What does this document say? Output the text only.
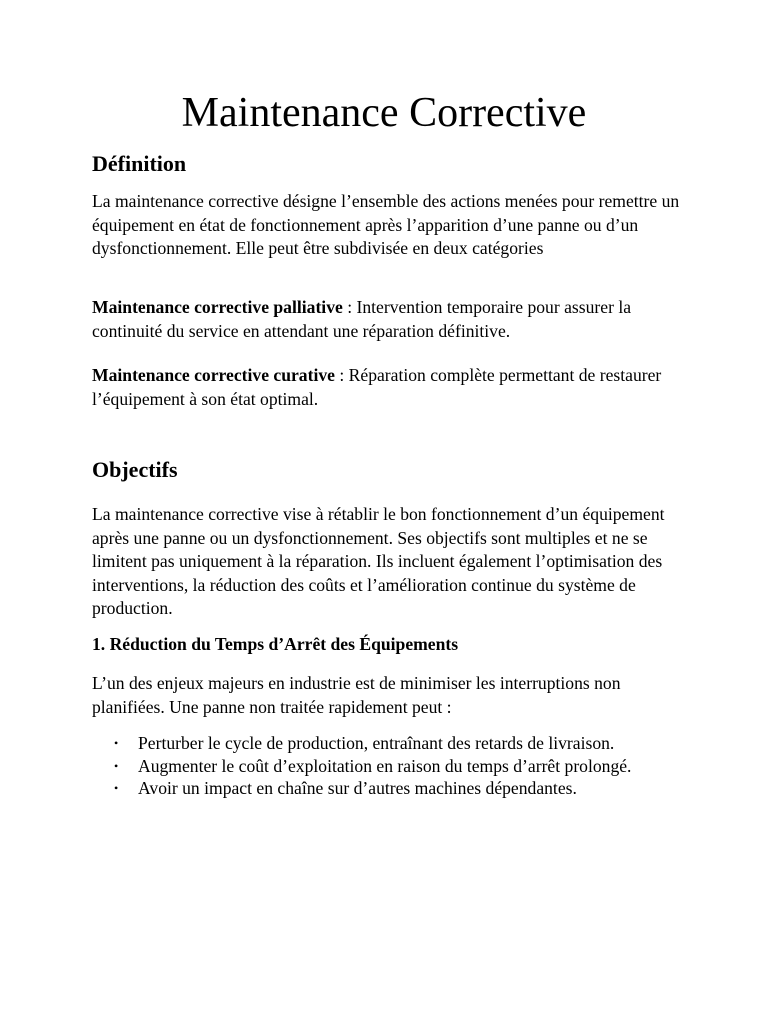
Maintenance Corrective
Définition

La maintenance corrective désigne l’ensemble des actions menées pour remettre un équipement en état de fonctionnement après l’apparition d’une panne ou d’un dysfonctionnement. Elle peut être subdivisée en deux catégories

Maintenance corrective palliative : Intervention temporaire pour assurer la continuité du service en attendant une réparation définitive.

Maintenance corrective curative : Réparation complète permettant de restaurer l’équipement à son état optimal.

Objectifs

La maintenance corrective vise à rétablir le bon fonctionnement d’un équipement après une panne ou un dysfonctionnement. Ses objectifs sont multiples et ne se limitent pas uniquement à la réparation. Ils incluent également l’optimisation des interventions, la réduction des coûts et l’amélioration continue du système de production.

1. Réduction du Temps d’Arrêt des Équipements

L’un des enjeux majeurs en industrie est de minimiser les interruptions non planifiées. Une panne non traitée rapidement peut :

• Perturber le cycle de production, entraînant des retards de livraison.
• Augmenter le coût d’exploitation en raison du temps d’arrêt prolongé.
• Avoir un impact en chaîne sur d’autres machines dépendantes.
